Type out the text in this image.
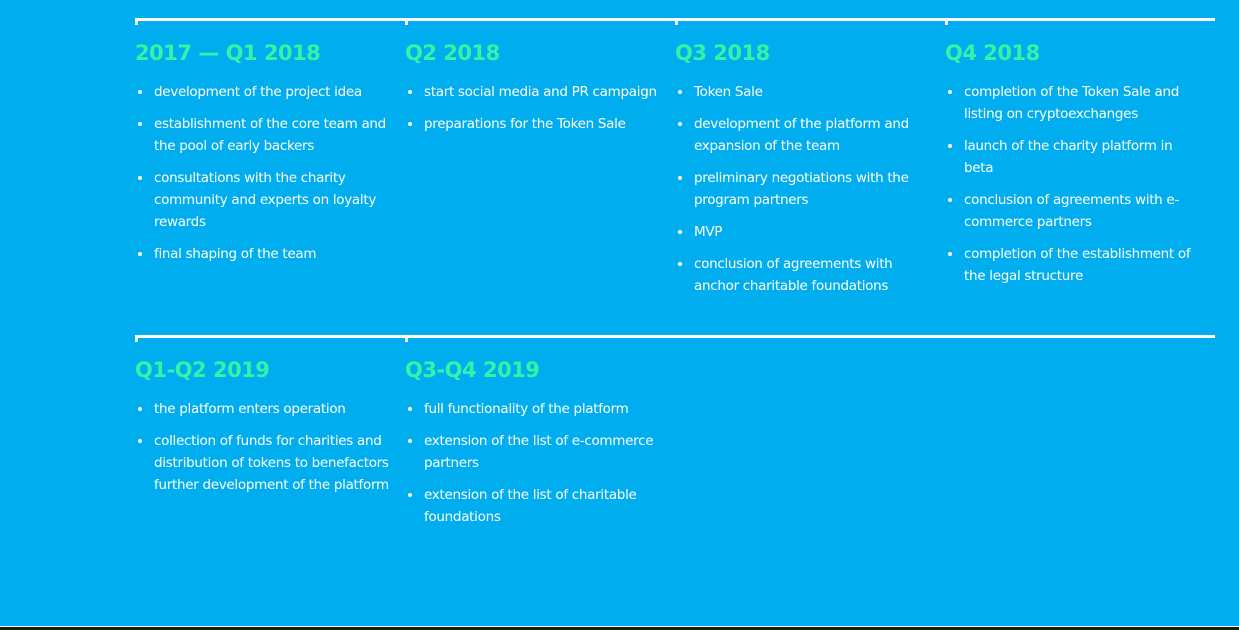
2017 — Q1 2018
development of the project idea
establishment of the core team and the pool of early backers
consultations with the charity community and experts on loyalty rewards
final shaping of the team
Q2 2018
start social media and PR campaign
preparations for the Token Sale
Q3 2018
Token Sale
development of the platform and expansion of the team
preliminary negotiations with the program partners
MVP
conclusion of agreements with anchor charitable foundations
Q4 2018
completion of the Token Sale and listing on cryptoexchanges
launch of the charity platform in beta
conclusion of agreements with e-commerce partners
completion of the establishment of the legal structure
Q1-Q2 2019
the platform enters operation
collection of funds for charities and distribution of tokens to benefactors further development of the platform
Q3-Q4 2019
full functionality of the platform
extension of the list of e-commerce partners
extension of the list of charitable foundations
